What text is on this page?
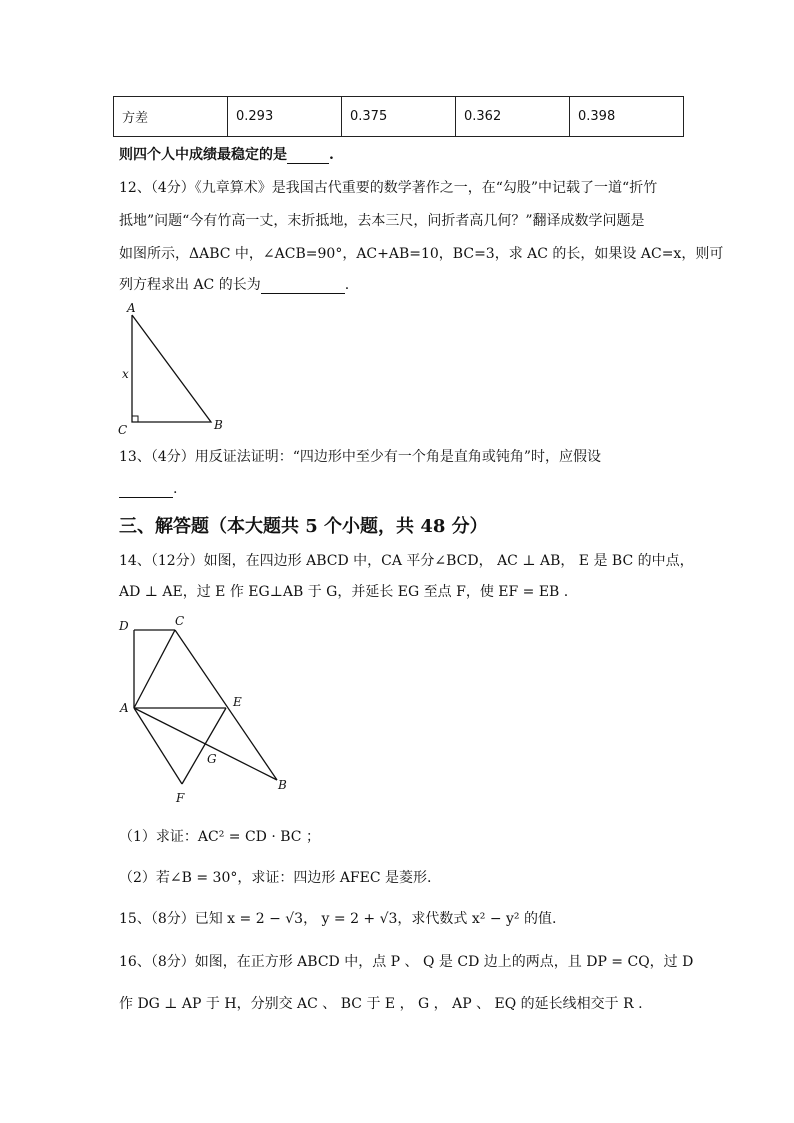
方差	0.293	0.375	0.362	0.398
则四个人中成绩最稳定的是	.
12、（4分）《九章算术》是我国古代重要的数学著作之一，在“勾股”中记载了一道“折竹
抵地”问题“今有竹高一丈，末折抵地，去本三尺，问折者高几何？”翻译成数学问题是
如图所示，ΔABC 中，∠ACB=90°，AC+AB=10，BC=3，求 AC 的长，如果设 AC=x，则可
列方程求出 AC 的长为	.
A
B
C
x
13、（4分）用反证法证明：“四边形中至少有一个角是直角或钝角”时，应假设
.
三、解答题（本大题共 5 个小题，共 48 分）
14、（12分）如图，在四边形 ABCD 中，CA 平分∠BCD， AC ⊥ AB， E 是 BC 的中点，
AD ⊥ AE，过 E 作 EG⊥AB 于 G，并延长 EG 至点 F，使 EF = EB .
D	C
A	E
G
F
B
（1）求证：AC² = CD · BC ；
（2）若∠B = 30°，求证：四边形 AFEC 是菱形.
15、（8分）已知 x = 2 − √3， y = 2 + √3，求代数式 x² − y² 的值.
16、（8分）如图，在正方形 ABCD 中，点 P 、 Q 是 CD 边上的两点，且 DP = CQ，过 D
作 DG ⊥ AP 于 H，分别交 AC 、 BC 于 E ， G ， AP 、 EQ 的延长线相交于 R .
